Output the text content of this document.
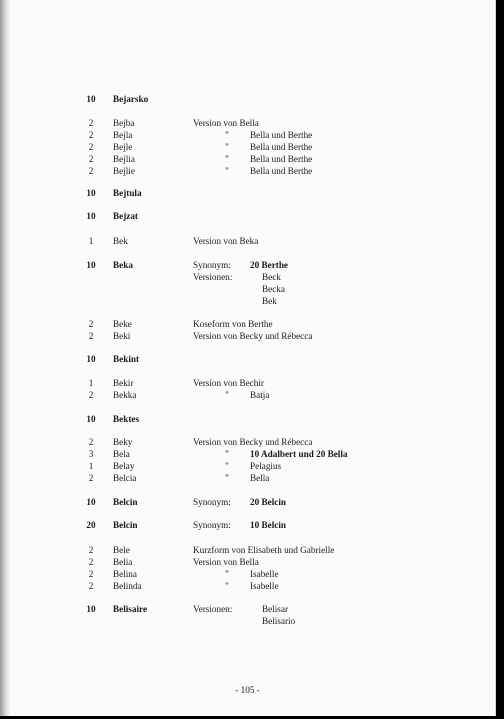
10 Bejarsko
2	Bejba	Version von Bella
2	Bejla	" Bella und Berthe
2	Bejle	" Bella und Berthe
2	Bejlia	" Bella und Berthe
2	Bejlie	" Bella und Berthe
10 Bejtula
10 Bejzat
1	Bek	Version von Beka
10 Beka	Synonym: 20 Berthe
Versionen:	Beck
Becka
Bek
2	Beke	Koseform von Berthe
2	Beki	Version von Becky und Rébecca
10 Bekint
1	Bekir	Version von Bechir
2	Bekka	" Batja
10 Bektes
2	Beky	Version von Becky und Rébecca
3	Bela	" 10 Adalbert und 20 Bella
1	Belay	" Pelagius
2	Belcia	" Bella
10 Belcin	Synonym: 20 Belcin
20 Belcin	Synonym: 10 Belcin
2	Bele	Kurzform von Elisabeth und Gabrielle
2	Belia	Version von Bella
2	Belina	" Isabelle
2	Belinda	" Isabelle
10 Belisaire	Versionen:	Belisar
Belisario
- 105 -
